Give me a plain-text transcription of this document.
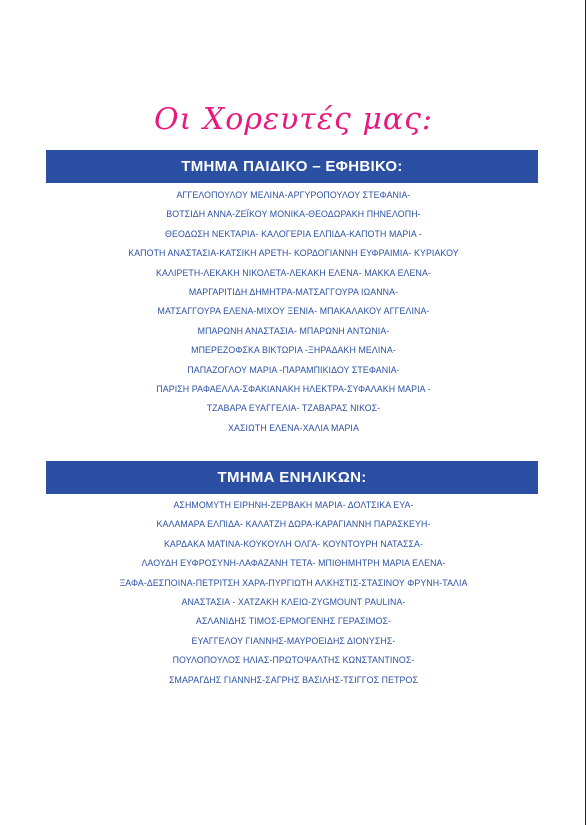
Οι Χορευτές μας:
ΤΜΗΜΑ ΠΑΙΔΙΚΟ – ΕΦΗΒΙΚΟ:
ΑΓΓΕΛΟΠΟΥΛΟΥ ΜΕΛΙΝΑ-ΑΡΓΥΡΟΠΟΥΛΟΥ ΣΤΕΦΑΝΙΑ-
ΒΟΤΣΙΔΗ ΑΝΝΑ-ΖΕΪΚΟΥ ΜΟΝΙΚΑ-ΘΕΟΔΩΡΑΚΗ ΠΗΝΕΛΟΠΗ-
ΘΕΟΔΩΣΗ ΝΕΚΤΑΡΙΑ- ΚΑΛΟΓΕΡΙΑ ΕΛΠΙΔΑ-ΚΑΠΟΤΗ ΜΑΡΙΑ -
ΚΑΠΟΤΗ ΑΝΑΣΤΑΣΙΑ-ΚΑΤΣΙΚΗ ΑΡΕΤΗ- ΚΟΡΔΟΓΙΑΝΝΗ ΕΥΦΡΑΙΜΙΑ- ΚΥΡΙΑΚΟΥ
ΚΑΛΙΡΕΤΗ-ΛΕΚΑΚΗ ΝΙΚΟΛΕΤΑ-ΛΕΚΑΚΗ ΕΛΕΝΑ- ΜΑΚΚΑ ΕΛΕΝΑ-
ΜΑΡΓΑΡΙΤΙΔΗ ΔΗΜΗΤΡΑ-ΜΑΤΣΑΓΓΟΥΡΑ ΙΩΑΝΝΑ-
ΜΑΤΣΑΓΓΟΥΡΑ ΕΛΕΝΑ-ΜΙΧΟΥ ΞΕΝΙΑ- ΜΠΑΚΑΛΑΚΟΥ ΑΓΓΕΛΙΝΑ-
ΜΠΑΡΩΝΗ ΑΝΑΣΤΑΣΙΑ- ΜΠΑΡΩΝΗ ΑΝΤΩΝΙΑ-
ΜΠΕΡΕΖΟΦΣΚΑ ΒΙΚΤΩΡΙΑ -ΞΗΡΑΔΑΚΗ ΜΕΛΙΝΑ-
ΠΑΠΑΖΟΓΛΟΥ ΜΑΡΙΑ -ΠΑΡΑΜΠΙΚΙΔΟΥ ΣΤΕΦΑΝΙΑ-
ΠΑΡΙΣΗ ΡΑΦΑΕΛΛΑ-ΣΦΑΚΙΑΝΑΚΗ ΗΛΕΚΤΡΑ-ΣΥΦΑΛΑΚΗ ΜΑΡΙΑ -
ΤΖΑΒΑΡΑ ΕΥΑΓΓΕΛΙΑ- ΤΖΑΒΑΡΑΣ ΝΙΚΟΣ-
ΧΑΣΙΩΤΗ ΕΛΕΝΑ-ΧΑΛΙΑ ΜΑΡΙΑ
ΤΜΗΜΑ ΕΝΗΛΙΚΩΝ:
ΑΣΗΜΟΜΥΤΗ ΕΙΡΗΝΗ-ΖΕΡΒΑΚΗ ΜΑΡΙΑ- ΔΟΛΤΣΙΚΑ ΕΥΑ-
ΚΑΛΑΜΑΡΑ ΕΛΠΙΔΑ- ΚΑΛΑΤΖΗ ΔΩΡΑ-ΚΑΡΑΓΙΑΝΝΗ ΠΑΡΑΣΚΕΥΗ-
ΚΑΡΔΑΚΑ ΜΑΤΙΝΑ-ΚΟΥΚΟΥΛΗ ΟΛΓΑ- ΚΟΥΝΤΟΥΡΗ ΝΑΤΑΣΣΑ-
ΛΑΟΥΔΗ ΕΥΦΡΟΣΥΝΗ-ΛΑΦΑΖΑΝΗ ΤΕΤΑ- ΜΠΙΘΗΜΗΤΡΗ ΜΑΡΙΑ ΕΛΕΝΑ-
ΞΑΦΑ-ΔΕΣΠΟΙΝΑ-ΠΕΤΡΙΤΣΗ ΧΑΡΑ-ΠΥΡΓΙΩΤΗ ΑΛΚΗΣΤΙΣ-ΣΤΑΣΙΝΟΥ ΦΡΥΝΗ-ΤΑΛΙΑ
ΑΝΑΣΤΑΣΙΑ - ΧΑΤΖΑΚΗ ΚΛΕΙΩ-ZYGMOUNT PAULINA-
ΑΣΛΑΝΙΔΗΣ ΤΙΜΟΣ-ΕΡΜΟΓΕΝΗΣ ΓΕΡΑΣΙΜΟΣ-
ΕΥΑΓΓΕΛΟΥ ΓΙΑΝΝΗΣ-ΜΑΥΡΟΕΙΔΗΣ ΔΙΟΝΥΣΗΣ-
ΠΟΥΛΟΠΟΥΛΟΣ ΗΛΙΑΣ-ΠΡΩΤΟΨΑΛΤΗΣ ΚΩΝΣΤΑΝΤΙΝΟΣ-
ΣΜΑΡΑΓΔΗΣ ΓΙΑΝΝΗΣ-ΣΑΓΡΗΣ ΒΑΣΙΛΗΣ-ΤΣΙΓΓΟΣ ΠΕΤΡΟΣ
